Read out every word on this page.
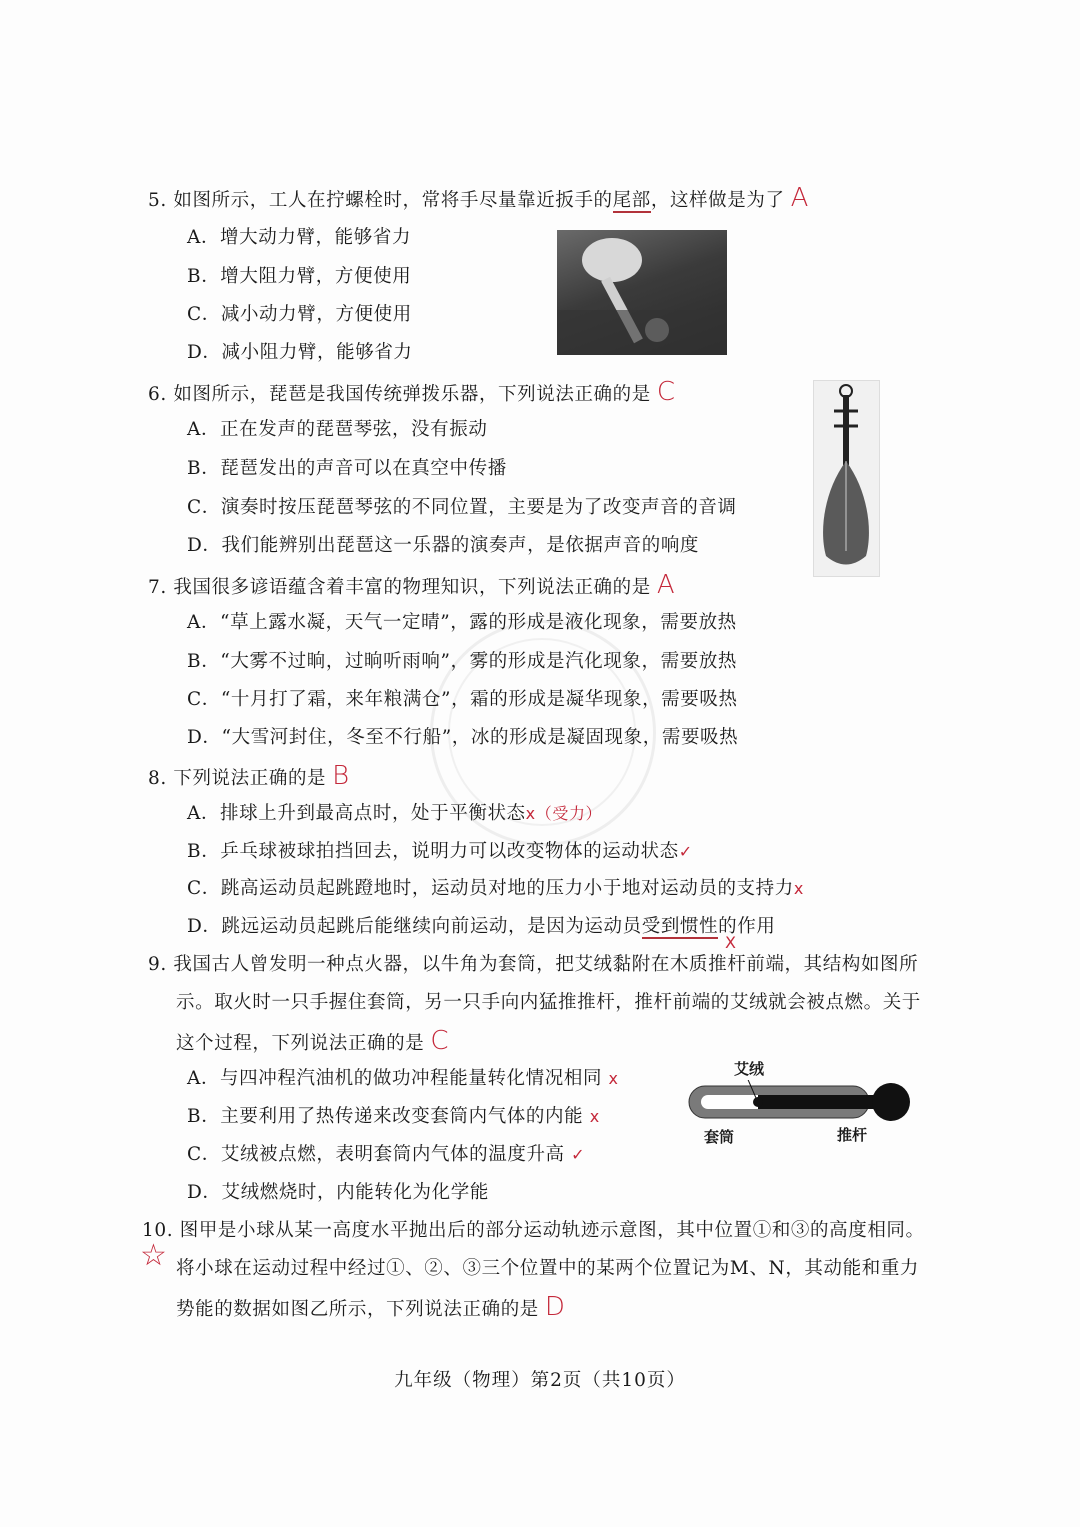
5. 如图所示，工人在拧螺栓时，常将手尽量靠近扳手的尾部，这样做是为了 A
A．增大动力臂，能够省力
B．增大阻力臂，方便使用
C．减小动力臂，方便使用
D．减小阻力臂，能够省力
6. 如图所示，琵琶是我国传统弹拨乐器，下列说法正确的是 C
A．正在发声的琵琶琴弦，没有振动
B．琵琶发出的声音可以在真空中传播
C．演奏时按压琵琶琴弦的不同位置，主要是为了改变声音的音调
D．我们能辨别出琵琶这一乐器的演奏声，是依据声音的响度
7. 我国很多谚语蕴含着丰富的物理知识，下列说法正确的是 A
A．“草上露水凝，天气一定晴”，露的形成是液化现象，需要放热
B．“大雾不过晌，过晌听雨响”，雾的形成是汽化现象，需要放热
C．“十月打了霜，来年粮满仓”，霜的形成是凝华现象，需要吸热
D．“大雪河封住，冬至不行船”，冰的形成是凝固现象，需要吸热
8. 下列说法正确的是 B
A．排球上升到最高点时，处于平衡状态x（受力）
B．乒乓球被球拍挡回去，说明力可以改变物体的运动状态✓
C．跳高运动员起跳蹬地时，运动员对地的压力小于地对运动员的支持力x
D．跳远运动员起跳后能继续向前运动，是因为运动员受到惯性的作用
X
9. 我国古人曾发明一种点火器，以牛角为套筒，把艾绒黏附在木质推杆前端，其结构如图所
示。取火时一只手握住套筒，另一只手向内猛推推杆，推杆前端的艾绒就会被点燃。关于
这个过程，下列说法正确的是 C
A．与四冲程汽油机的做功冲程能量转化情况相同 x
B．主要利用了热传递来改变套筒内气体的内能 x
C．艾绒被点燃，表明套筒内气体的温度升高 ✓
D．艾绒燃烧时，内能转化为化学能
艾绒
套筒	推杆
10. 图甲是小球从某一高度水平抛出后的部分运动轨迹示意图，其中位置①和③的高度相同。
☆ 将小球在运动过程中经过①、②、③三个位置中的某两个位置记为M、N，其动能和重力
势能的数据如图乙所示，下列说法正确的是 D
九年级（物理）第2页（共10页）
